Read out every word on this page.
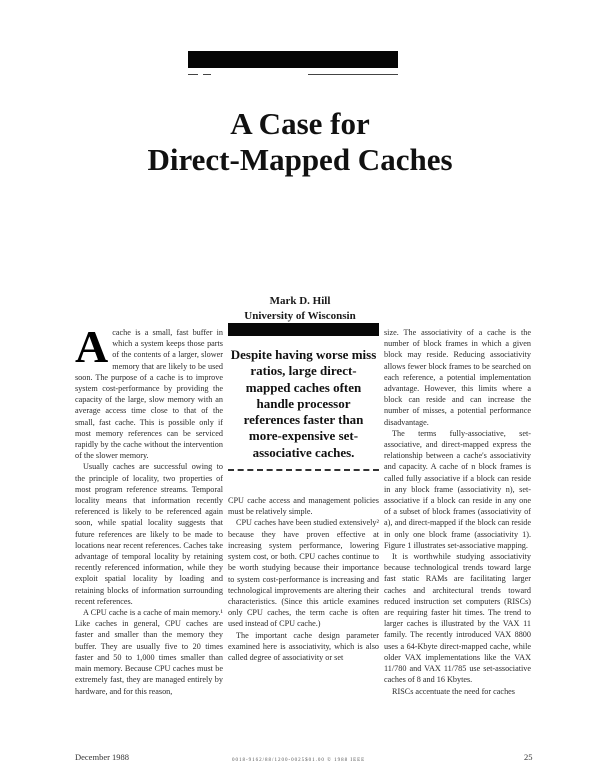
A Case for
Direct-Mapped Caches
Mark D. Hill
University of Wisconsin

A cache is a small, fast buffer in which a system keeps those parts of the contents of a larger, slower memory that are likely to be used soon. The purpose of a cache is to improve system cost-performance by providing the capacity of the large, slow memory with an average access time close to that of the small, fast cache. This is possible only if most memory references can be serviced rapidly by the cache without the intervention of the slower memory.

Usually caches are successful owing to the principle of locality, two properties of most program reference streams. Temporal locality means that information recently referenced is likely to be referenced again soon, while spatial locality suggests that future references are likely to be made to locations near recent references. Caches take advantage of temporal locality by retaining recently referenced information, while they exploit spatial locality by loading and retaining blocks of information surrounding recent references.

A CPU cache is a cache of main memory.¹ Like caches in general, CPU caches are faster and smaller than the memory they buffer. They are usually five to 20 times faster and 50 to 1,000 times smaller than main memory. Because CPU caches must be extremely fast, they are managed entirely by hardware, and for this reason,

Despite having worse miss ratios, large direct-mapped caches often handle processor references faster than more-expensive set-associative caches.

CPU cache access and management policies must be relatively simple.

CPU caches have been studied extensively² because they have proven effective at increasing system performance, lowering system cost, or both. CPU caches continue to be worth studying because their importance to system cost-performance is increasing and technological improvements are altering their characteristics. (Since this article examines only CPU caches, the term cache is often used instead of CPU cache.)

The important cache design parameter examined here is associativity, which is also called degree of associativity or set

size. The associativity of a cache is the number of block frames in which a given block may reside. Reducing associativity allows fewer block frames to be searched on each reference, a potential implementation advantage. However, this limits where a block can reside and can increase the number of misses, a potential performance disadvantage.

The terms fully-associative, set-associative, and direct-mapped express the relationship between a cache's associativity and capacity. A cache of n block frames is called fully associative if a block can reside in any block frame (associativity n), set-associative if a block can reside in any one of a subset of block frames (associativity of a), and direct-mapped if the block can reside in only one block frame (associativity 1). Figure 1 illustrates set-associative mapping.

It is worthwhile studying associativity because technological trends toward large fast static RAMs are facilitating larger caches and architectural trends toward reduced instruction set computers (RISCs) are requiring faster hit times. The trend to larger caches is illustrated by the VAX 11 family. The recently introduced VAX 8800 uses a 64-Kbyte direct-mapped cache, while older VAX implementations like the VAX 11/780 and VAX 11/785 use set-associative caches of 8 and 16 Kbytes.

RISCs accentuate the need for caches

December 1988	0018-9162/88/1200-0025$01.00 © 1988 IEEE	25
